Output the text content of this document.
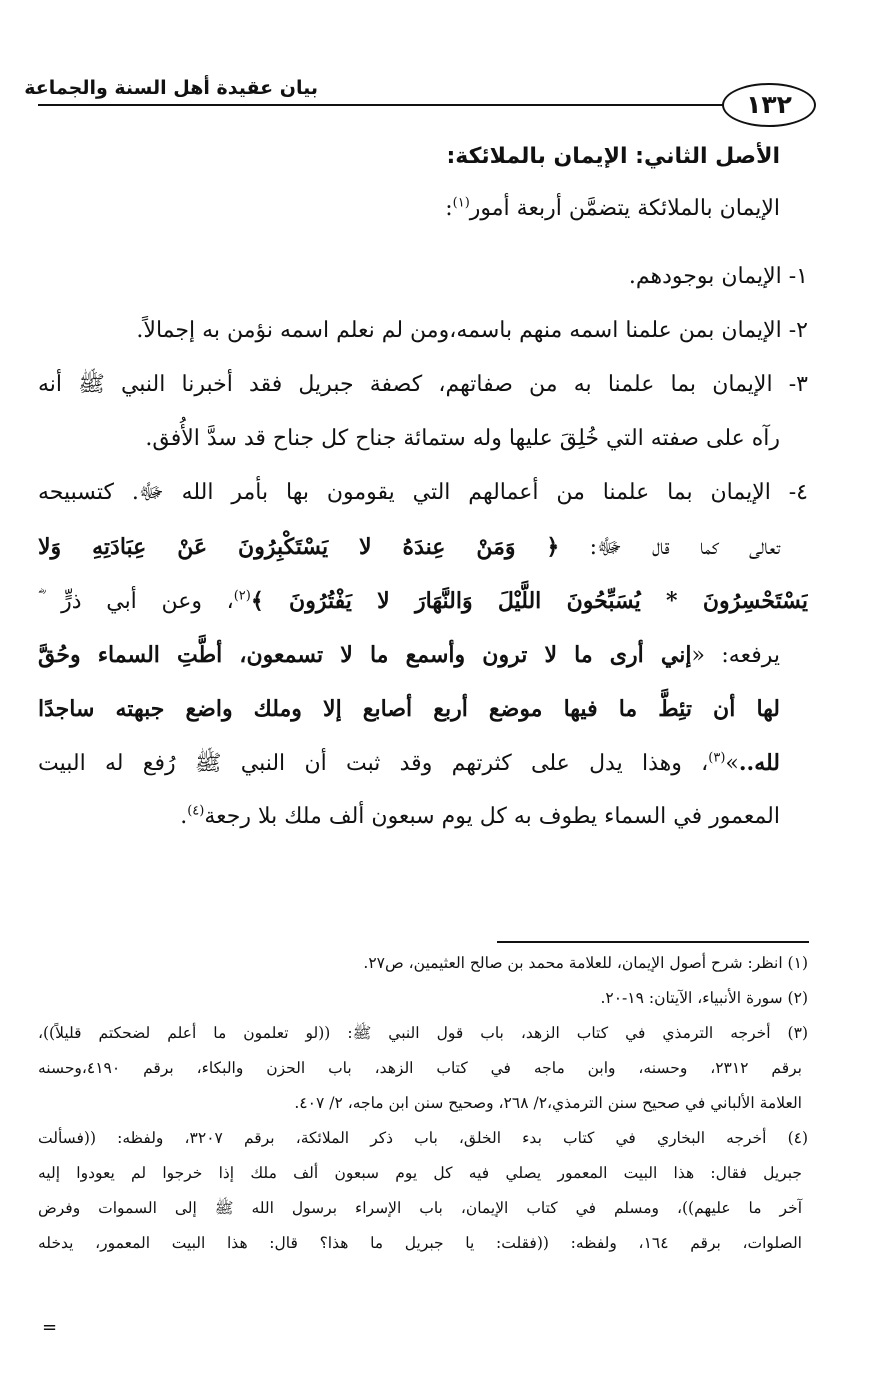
بيان عقيدة أهل السنة والجماعة
١٣٢
الأصل الثاني: الإيمان بالملائكة:
الإيمان بالملائكة يتضمَّن أربعة أمور$^{(١)}$:
١- الإيمان بوجودهم.
٢- الإيمان بمن علمنا اسمه منهم باسمه،ومن لم نعلم اسمه نؤمن به إجمالاً.
٣- الإيمان بما علمنا به من صفاتهم، كصفة جبريل فقد أخبرنا النبي ﷺ أنه
رآه على صفته التي خُلِقَ عليها وله ستمائة جناح كل جناح قد سدَّ الأُفق.
٤- الإيمان بما علمنا من أعمالهم التي يقومون بها بأمر الله ﷻ. كتسبيحه
تعالى كما قال ﷻ: ﴿ وَمَنْ عِندَهُ لا يَسْتَكْبِرُونَ عَنْ عِبَادَتِهِ وَلا
يَسْتَحْسِرُونَ * يُسَبِّحُونَ اللَّيْلَ وَالنَّهَارَ لا يَفْتُرُونَ ﴾$^{(٢)}$، وعن أبي ذرٍّ ؓ
يرفعه: «إني أرى ما لا ترون وأسمع ما لا تسمعون، أطَّتِ السماء وحُقَّ
لها أن تئِطَّ ما فيها موضع أربع أصابع إلا وملك واضع جبهته ساجدًا
لله..»$^{(٣)}$، وهذا يدل على كثرتهم وقد ثبت أن النبي ﷺ رُفع له البيت
المعمور في السماء يطوف به كل يوم سبعون ألف ملك بلا رجعة$^{(٤)}$.
(١) انظر: شرح أصول الإيمان، للعلامة محمد بن صالح العثيمين، ص٢٧.
(٢) سورة الأنبياء، الآيتان: ١٩-٢٠.
(٣) أخرجه الترمذي في كتاب الزهد، باب قول النبي ﷺ: ((لو تعلمون ما أعلم لضحكتم قليلاً))،
برقم ٢٣١٢، وحسنه، وابن ماجه في كتاب الزهد، باب الحزن والبكاء، برقم ٤١٩٠،وحسنه
العلامة الألباني في صحيح سنن الترمذي،٢/ ٢٦٨، وصحيح سنن ابن ماجه، ٢/ ٤٠٧.
(٤) أخرجه البخاري في كتاب بدء الخلق، باب ذكر الملائكة، برقم ٣٢٠٧، ولفظه: ((فسألت
جبريل فقال: هذا البيت المعمور يصلي فيه كل يوم سبعون ألف ملك إذا خرجوا لم يعودوا إليه
آخر ما عليهم))، ومسلم في كتاب الإيمان، باب الإسراء برسول الله ﷺ إلى السموات وفرض
الصلوات، برقم ١٦٤، ولفظه: ((فقلت: يا جبريل ما هذا؟ قال: هذا البيت المعمور، يدخله
=
